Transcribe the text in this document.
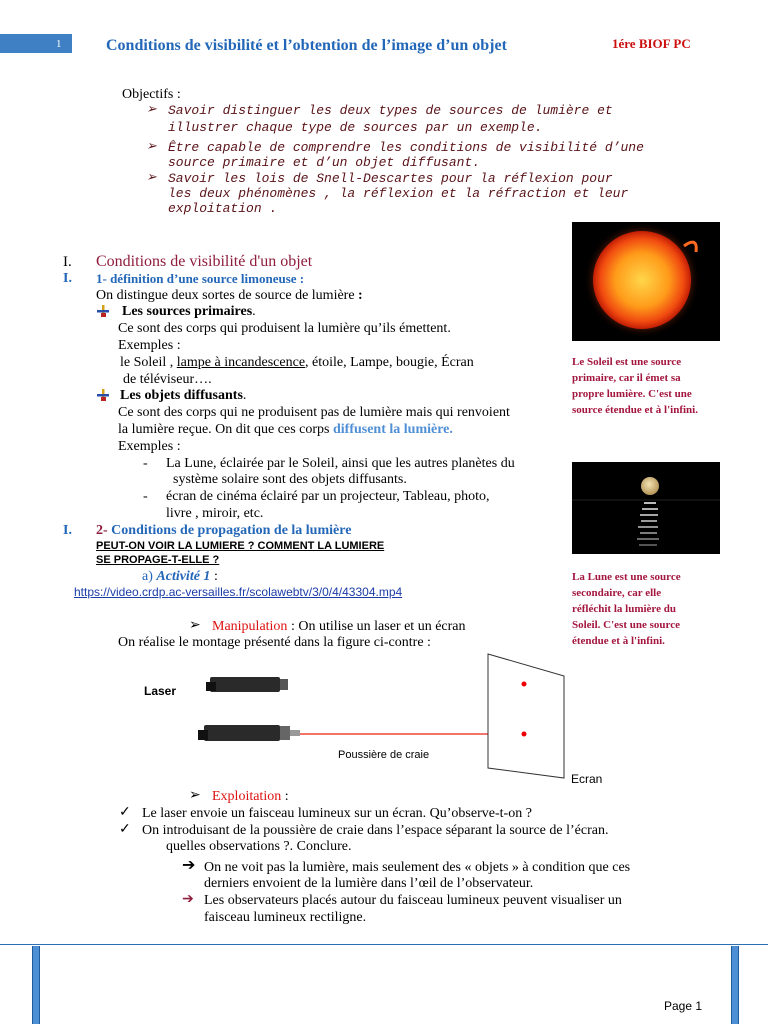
1	Conditions de visibilité et l’obtention de l’image d’un objet	1ére BIOF PC
Objectifs :
➢ Savoir distinguer les deux types de sources de lumière et
illustrer chaque type de sources par un exemple.
➢ Être capable de comprendre les conditions de visibilité d’une
source primaire et d’un objet diffusant.
➢ Savoir les lois de Snell-Descartes pour la réflexion pour
les deux phénomènes , la réflexion et la réfraction et leur
exploitation .
I. Conditions de visibilité d'un objet
I. 1- définition d’une source limoneuse :
On distingue deux sortes de source de lumière :
Les sources primaires.
Ce sont des corps qui produisent la lumière qu’ils émettent.
Exemples :
le Soleil , lampe à incandescence, étoile, Lampe, bougie, Écran
de téléviseur….
Les objets diffusants.
Ce sont des corps qui ne produisent pas de lumière mais qui renvoient
la lumière reçue. On dit que ces corps diffusent la lumière.
Exemples :
- La Lune, éclairée par le Soleil, ainsi que les autres planètes du
système solaire sont des objets diffusants.
- écran de cinéma éclairé par un projecteur, Tableau, photo,
livre , miroir, etc.
I. 2- Conditions de propagation de la lumière
PEUT-ON VOIR LA LUMIERE ? COMMENT LA LUMIERE
SE PROPAGE-T-ELLE ?
a) Activité 1 :
https://video.crdp.ac-versailles.fr/scolawebtv/3/0/4/43304.mp4
➢ Manipulation : On utilise un laser et un écran
On réalise le montage présenté dans la figure ci-contre :
Laser
Poussière de craie
Ecran
➢ Exploitation :
✓ Le laser envoie un faisceau lumineux sur un écran. Qu’observe-t-on ?
✓ On introduisant de la poussière de craie dans l’espace séparant la source de l’écran.
quelles observations ?. Conclure.
➔ On ne voit pas la lumière, mais seulement des « objets » à condition que ces
derniers envoient de la lumière dans l’œil de l’observateur.
➔ Les observateurs placés autour du faisceau lumineux peuvent visualiser un
faisceau lumineux rectiligne.
Le Soleil est une source
primaire, car il émet sa
propre lumière. C'est une
source étendue et à l'infini.
La Lune est une source
secondaire, car elle
réfléchit la lumière du
Soleil. C'est une source
étendue et à l'infini.
Page 1
